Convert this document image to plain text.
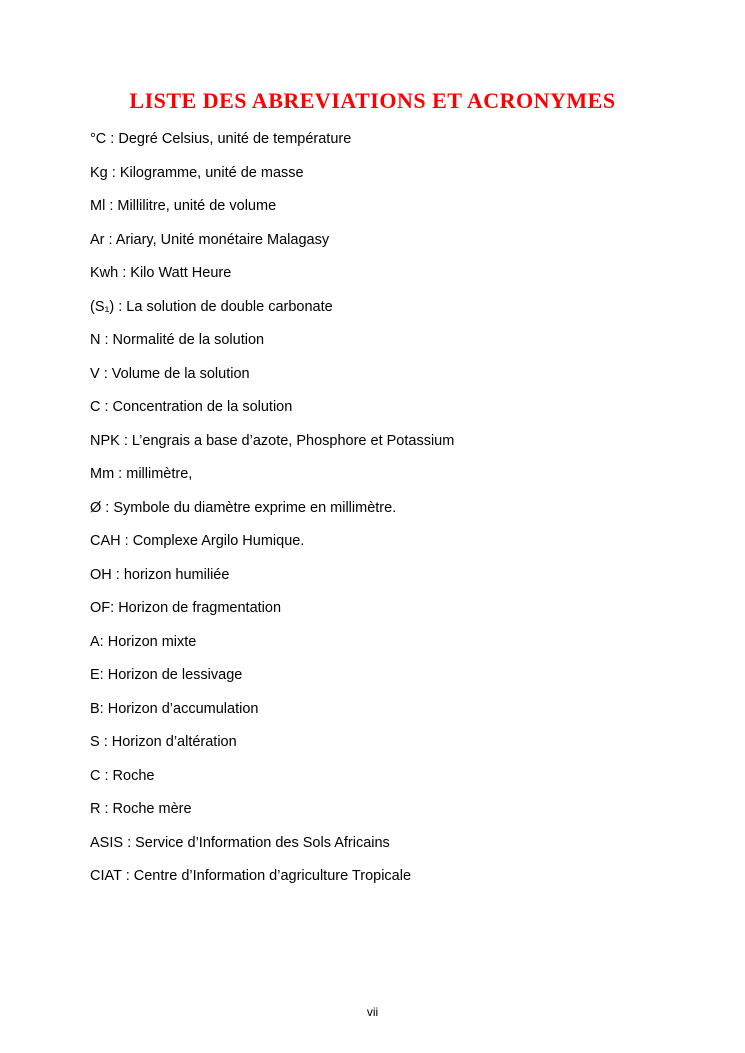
LISTE DES ABREVIATIONS ET ACRONYMES

°C : Degré Celsius, unité de température

Kg : Kilogramme, unité de masse

Ml : Millilitre, unité de volume

Ar : Ariary, Unité monétaire Malagasy

Kwh : Kilo Watt Heure

(S₁) : La solution de double carbonate

N : Normalité de la solution

V : Volume de la solution

C : Concentration de la solution

NPK : L’engrais a base d’azote, Phosphore et Potassium

Mm : millimètre,

Ø : Symbole du diamètre exprime en millimètre.

CAH : Complexe Argilo Humique.

OH : horizon humiliée

OF: Horizon de fragmentation

A: Horizon mixte

E: Horizon de lessivage

B: Horizon d’accumulation

S : Horizon d’altération

C : Roche

R : Roche mère

ASIS : Service d’Information des Sols Africains

CIAT : Centre d’Information d’agriculture Tropicale

vii
